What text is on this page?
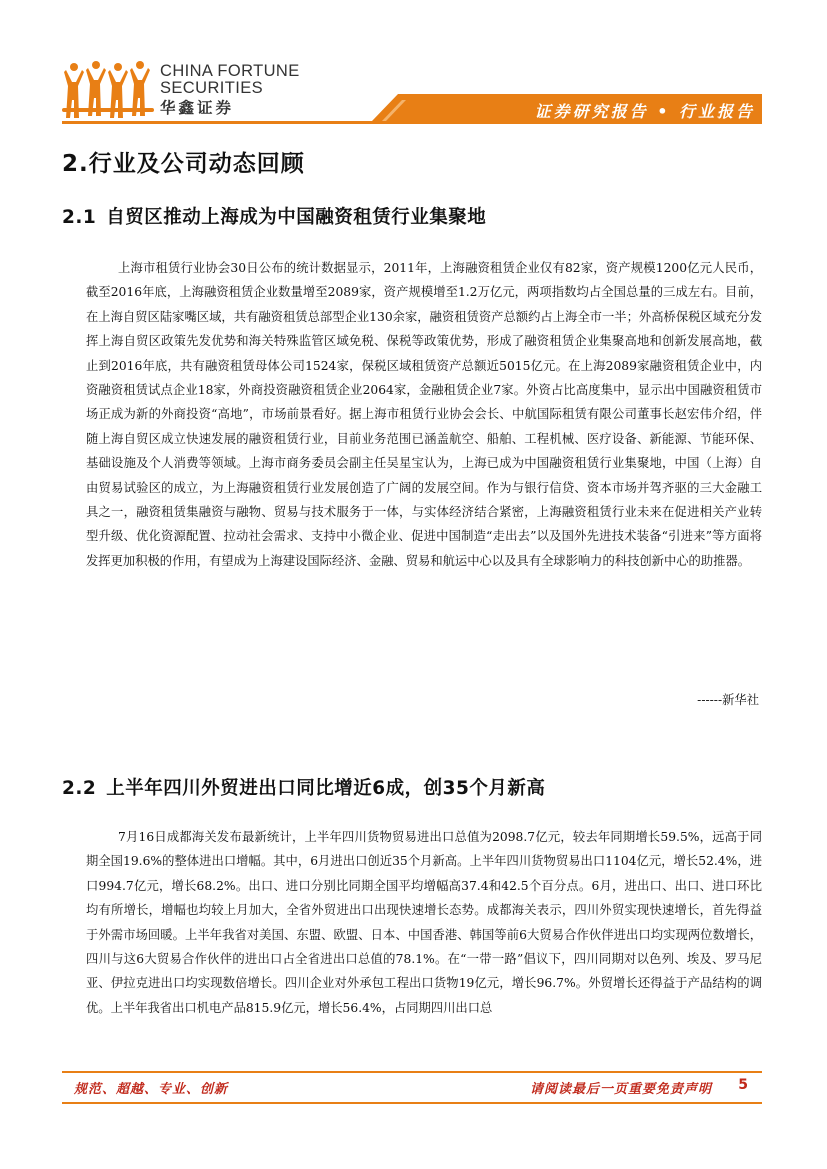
CHINA FORTUNE
SECURITIES
华鑫证券	证券研究报告 • 行业报告
2.行业及公司动态回顾
2.1 自贸区推动上海成为中国融资租赁行业集聚地
上海市租赁行业协会30日公布的统计数据显示，2011年，上海融资租赁企业仅有82家，资产规模1200亿元人民币，截至2016年底，上海融资租赁企业数量增至2089家，资产规模增至1.2万亿元，两项指数均占全国总量的三成左右。目前，在上海自贸区陆家嘴区域，共有融资租赁总部型企业130余家，融资租赁资产总额约占上海全市一半；外高桥保税区域充分发挥上海自贸区政策先发优势和海关特殊监管区域免税、保税等政策优势，形成了融资租赁企业集聚高地和创新发展高地，截止到2016年底，共有融资租赁母体公司1524家，保税区域租赁资产总额近5015亿元。在上海2089家融资租赁企业中，内资融资租赁试点企业18家，外商投资融资租赁企业2064家，金融租赁企业7家。外资占比高度集中，显示出中国融资租赁市场正成为新的外商投资“高地”，市场前景看好。据上海市租赁行业协会会长、中航国际租赁有限公司董事长赵宏伟介绍，伴随上海自贸区成立快速发展的融资租赁行业，目前业务范围已涵盖航空、船舶、工程机械、医疗设备、新能源、节能环保、基础设施及个人消费等领域。上海市商务委员会副主任吴星宝认为，上海已成为中国融资租赁行业集聚地，中国（上海）自由贸易试验区的成立，为上海融资租赁行业发展创造了广阔的发展空间。作为与银行信贷、资本市场并驾齐驱的三大金融工具之一，融资租赁集融资与融物、贸易与技术服务于一体，与实体经济结合紧密，上海融资租赁行业未来在促进相关产业转型升级、优化资源配置、拉动社会需求、支持中小微企业、促进中国制造“走出去”以及国外先进技术装备“引进来”等方面将发挥更加积极的作用，有望成为上海建设国际经济、金融、贸易和航运中心以及具有全球影响力的科技创新中心的助推器。
------新华社
2.2 上半年四川外贸进出口同比增近6成，创35个月新高
7月16日成都海关发布最新统计，上半年四川货物贸易进出口总值为2098.7亿元，较去年同期增长59.5%，远高于同期全国19.6%的整体进出口增幅。其中，6月进出口创近35个月新高。上半年四川货物贸易出口1104亿元，增长52.4%，进口994.7亿元，增长68.2%。出口、进口分别比同期全国平均增幅高37.4和42.5个百分点。6月，进出口、出口、进口环比均有所增长，增幅也均较上月加大，全省外贸进出口出现快速增长态势。成都海关表示，四川外贸实现快速增长，首先得益于外需市场回暖。上半年我省对美国、东盟、欧盟、日本、中国香港、韩国等前6大贸易合作伙伴进出口均实现两位数增长，四川与这6大贸易合作伙伴的进出口占全省进出口总值的78.1%。在“一带一路”倡议下，四川同期对以色列、埃及、罗马尼亚、伊拉克进出口均实现数倍增长。四川企业对外承包工程出口货物19亿元，增长96.7%。外贸增长还得益于产品结构的调优。上半年我省出口机电产品815.9亿元，增长56.4%，占同期四川出口总
规范、超越、专业、创新	请阅读最后一页重要免责声明 5
